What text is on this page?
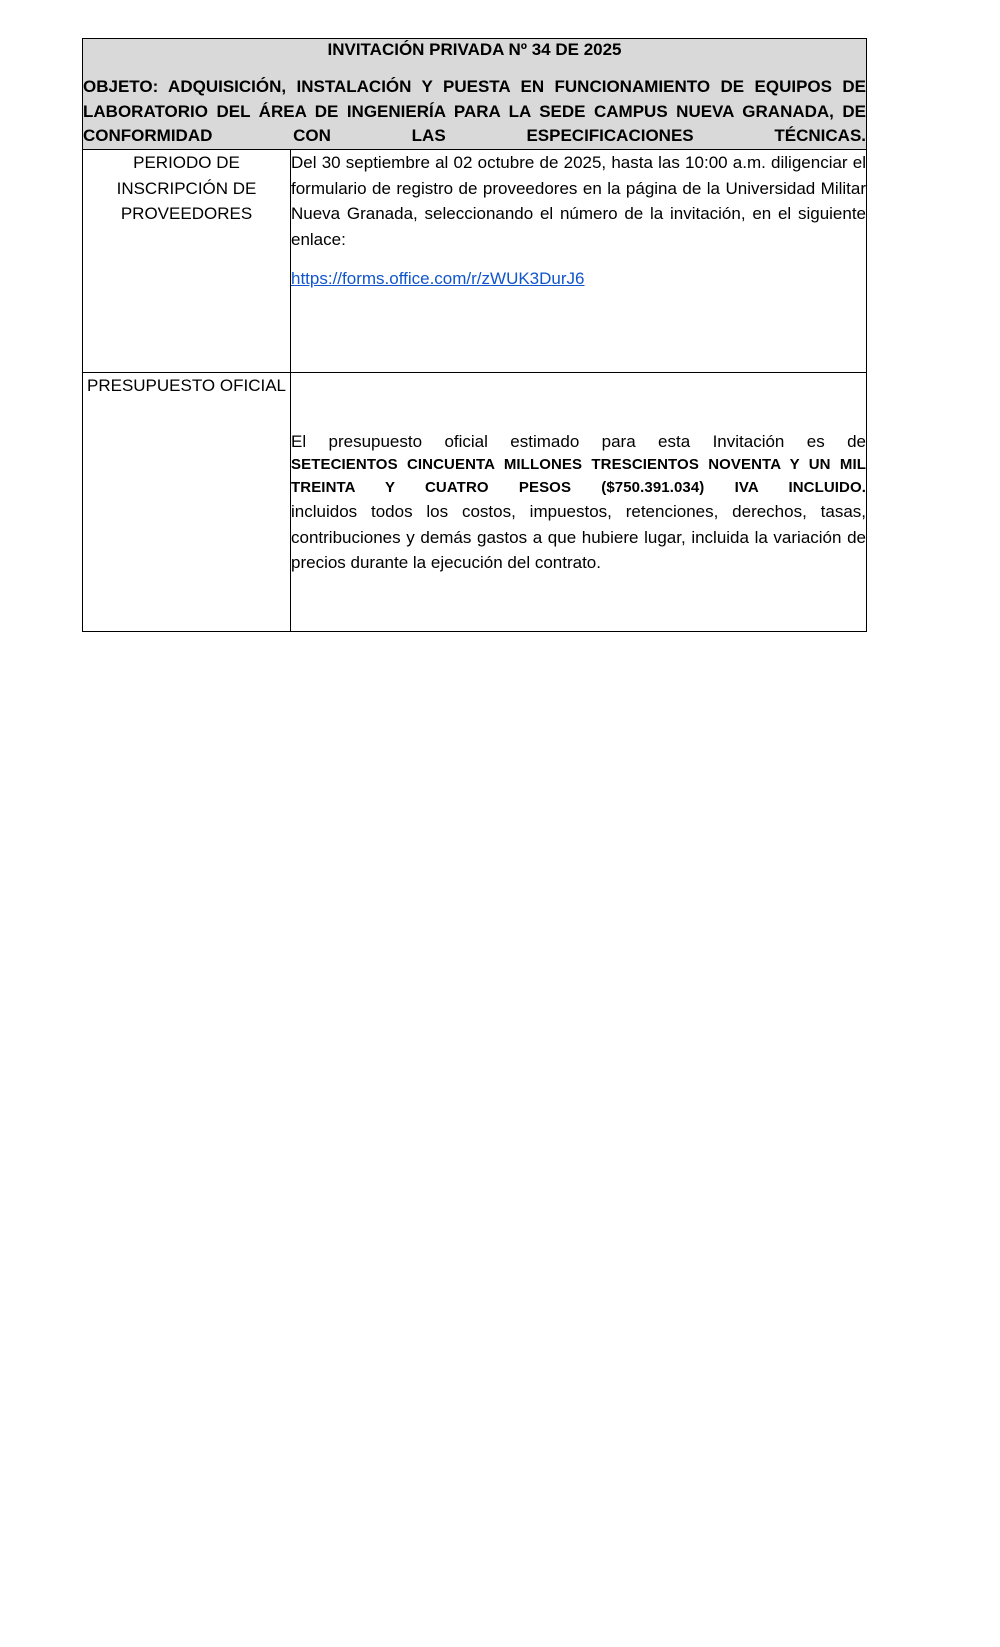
INVITACIÓN PRIVADA Nº 34 DE 2025

OBJETO: ADQUISICIÓN, INSTALACIÓN Y PUESTA EN FUNCIONAMIENTO DE EQUIPOS DE LABORATORIO DEL ÁREA DE INGENIERÍA PARA LA SEDE CAMPUS NUEVA GRANADA, DE CONFORMIDAD CON LAS ESPECIFICACIONES TÉCNICAS.	

PERIODO DE INSCRIPCIÓN DE PROVEEDORES	Del 30 septiembre al 02 octubre de 2025, hasta las 10:00 a.m. diligenciar el formulario de registro de proveedores en la página de la Universidad Militar Nueva Granada, seleccionando el número de la invitación, en el siguiente enlace:

https://forms.office.com/r/zWUK3DurJ6
PRESUPUESTO OFICIAL	El presupuesto oficial estimado para esta Invitación es de

SETECIENTOS CINCUENTA MILLONES TRESCIENTOS NOVENTA Y UN MIL TREINTA Y CUATRO PESOS ($750.391.034) IVA INCLUIDO.

incluidos todos los costos, impuestos, retenciones, derechos, tasas, contribuciones y demás gastos a que hubiere lugar, incluida la variación de precios durante la ejecución del contrato.
